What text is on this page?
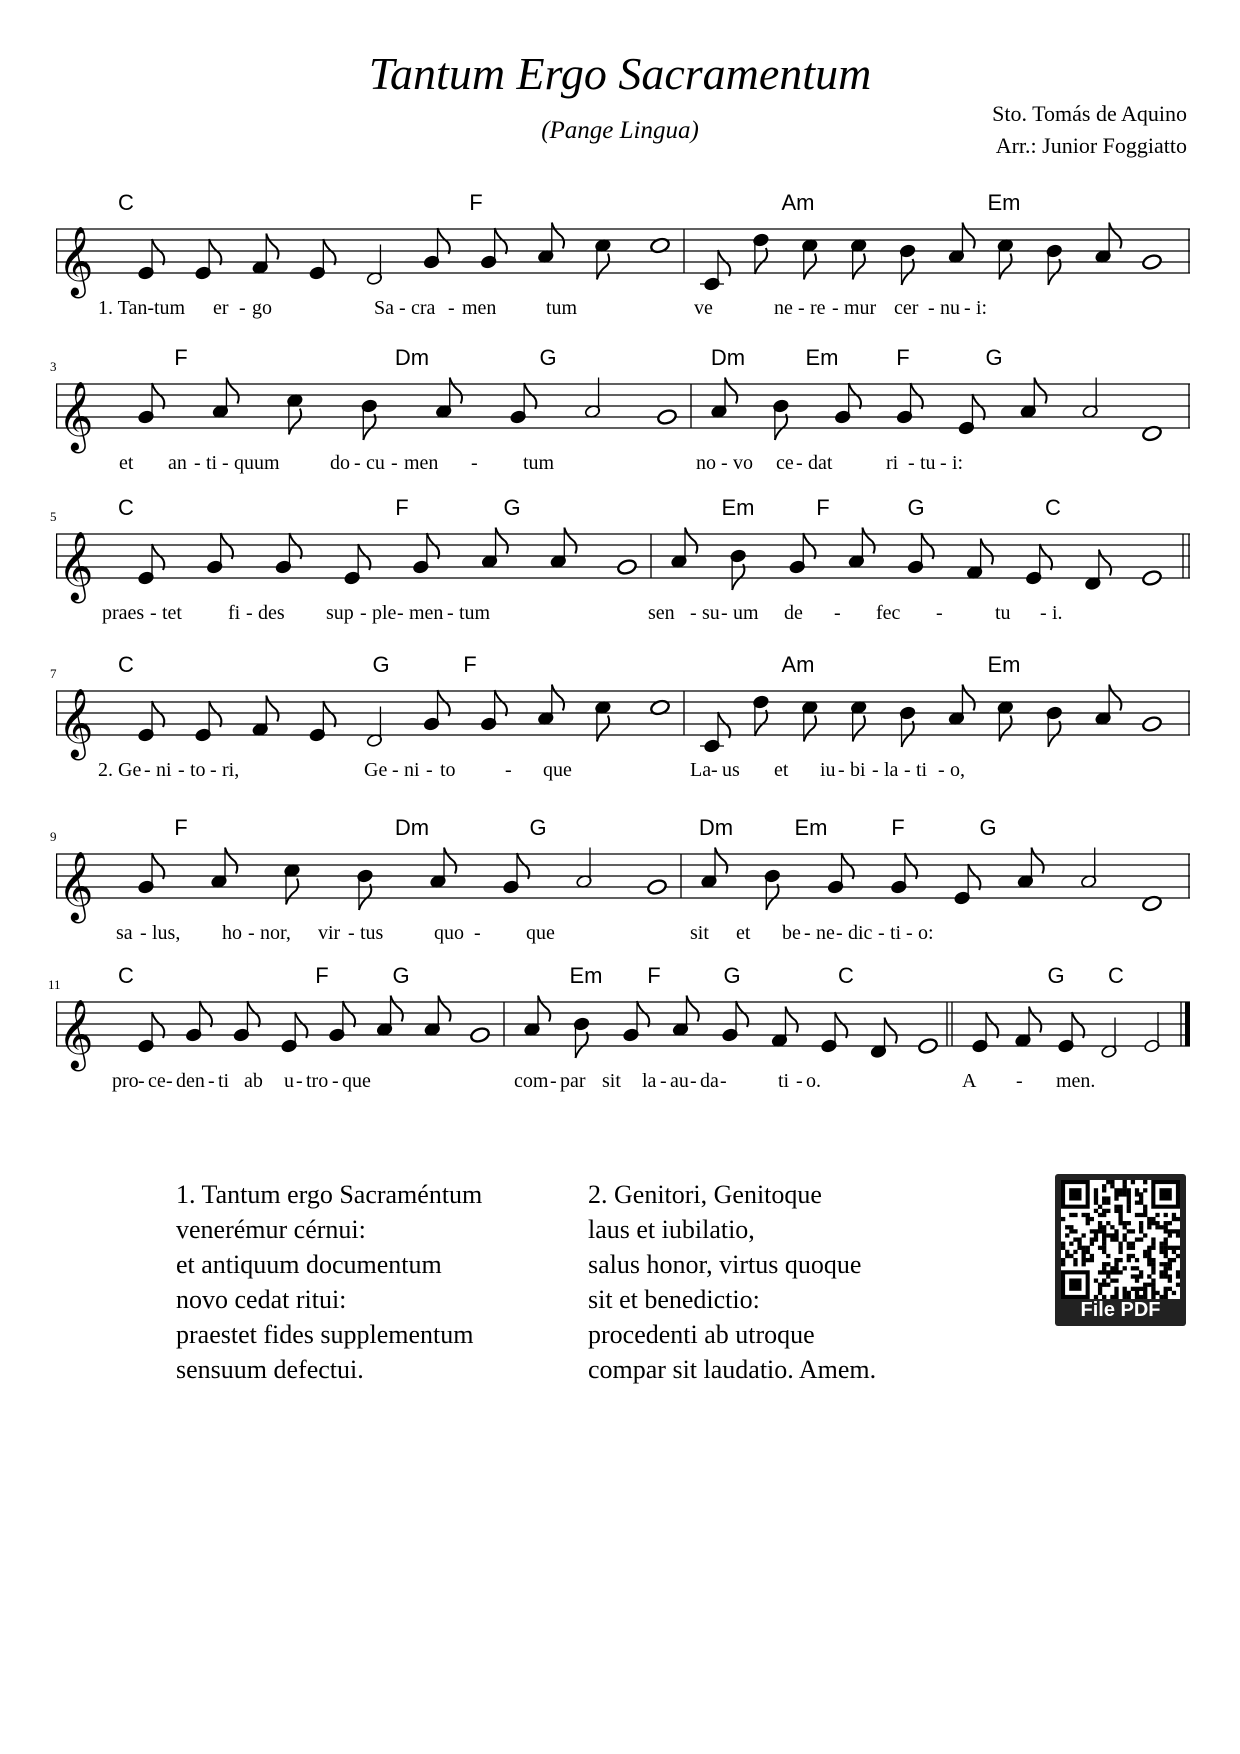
Tantum Ergo Sacramentum
(Pange Lingua)
Sto. Tomás de Aquino
Arr.: Junior Foggiatto
C	F	Am	Em
𝄞
1. Tan-tum er - go	Sa - cra - men tum	ve	ne - re - mur cer - nu - i:
3	F	Dm	G	Dm	Em	F	G
𝄞
et an - ti - quum	do - cu - men - tum	no - vo ce - dat	ri - tu - i:
5	C	F	G	Em	F	G	C
𝄞
praes - tet fi - des sup - ple - men - tum	sen - su - um de - fec -	tu - i.
7	C	G	F	Am	Em
𝄞
2. Ge - ni - to - ri,	Ge - ni - to - que	La - us et iu - bi - la - ti - o,
9	F	Dm	G	Dm	Em	F	G
𝄞
sa - lus, ho - nor, vir - tus	quo - que	sit et be - ne - dic - ti - o:
11	C	F	G	Em F	G	C	G C
𝄞
pro - ce - den - ti ab u - tro - que	com - par sit la - au - da -	ti - o.	A - men.
1. Tantum ergo Sacraméntum
venerémur cérnui:
et antiquum documentum
novo cedat ritui:
praestet fides supplementum
sensuum defectui.
2. Genitori, Genitoque
laus et iubilatio,
salus honor, virtus quoque
sit et benedictio:
procedenti ab utroque
compar sit laudatio. Amem.
File PDF
